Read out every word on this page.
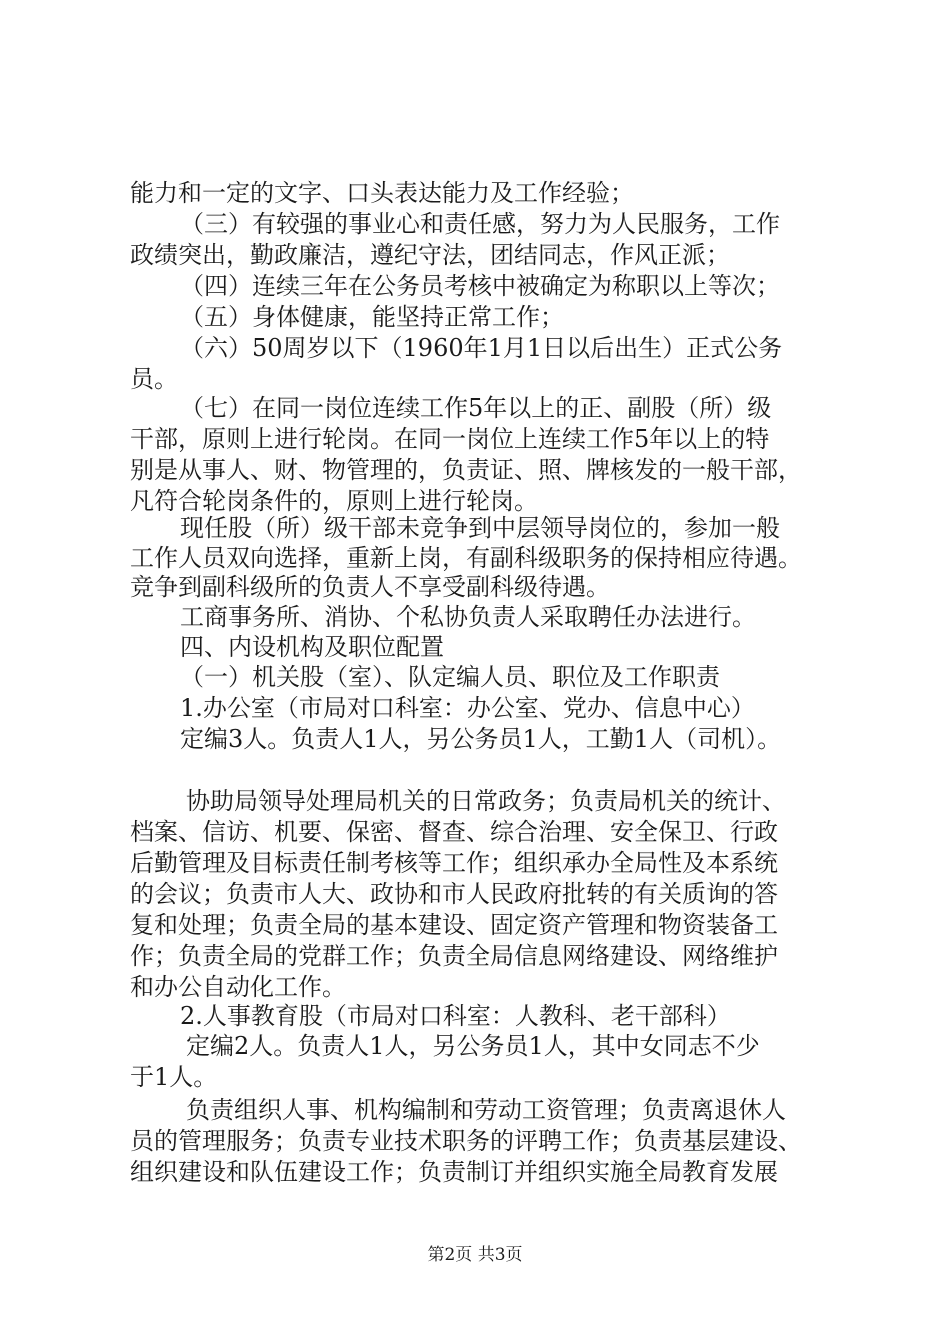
能力和一定的文字、口头表达能力及工作经验；
（三）有较强的事业心和责任感，努力为人民服务，工作
政绩突出，勤政廉洁，遵纪守法，团结同志，作风正派；
（四）连续三年在公务员考核中被确定为称职以上等次；
（五）身体健康，能坚持正常工作；
（六）50周岁以下（1960年1月1日以后出生）正式公务
员。
（七）在同一岗位连续工作5年以上的正、副股（所）级
干部，原则上进行轮岗。在同一岗位上连续工作5年以上的特
别是从事人、财、物管理的，负责证、照、牌核发的一般干部，
凡符合轮岗条件的，原则上进行轮岗。
现任股（所）级干部未竞争到中层领导岗位的，参加一般
工作人员双向选择，重新上岗，有副科级职务的保持相应待遇。
竞争到副科级所的负责人不享受副科级待遇。
工商事务所、消协、个私协负责人采取聘任办法进行。
四、内设机构及职位配置
（一）机关股（室）、队定编人员、职位及工作职责
1.办公室（市局对口科室：办公室、党办、信息中心）
定编3人。负责人1人，另公务员1人，工勤1人（司机）。
协助局领导处理局机关的日常政务；负责局机关的统计、
档案、信访、机要、保密、督查、综合治理、安全保卫、行政
后勤管理及目标责任制考核等工作；组织承办全局性及本系统
的会议；负责市人大、政协和市人民政府批转的有关质询的答
复和处理；负责全局的基本建设、固定资产管理和物资装备工
作；负责全局的党群工作；负责全局信息网络建设、网络维护
和办公自动化工作。
2.人事教育股（市局对口科室：人教科、老干部科）
定编2人。负责人1人，另公务员1人，其中女同志不少
于1人。
负责组织人事、机构编制和劳动工资管理；负责离退休人
员的管理服务；负责专业技术职务的评聘工作；负责基层建设、
组织建设和队伍建设工作；负责制订并组织实施全局教育发展
第2页 共3页
